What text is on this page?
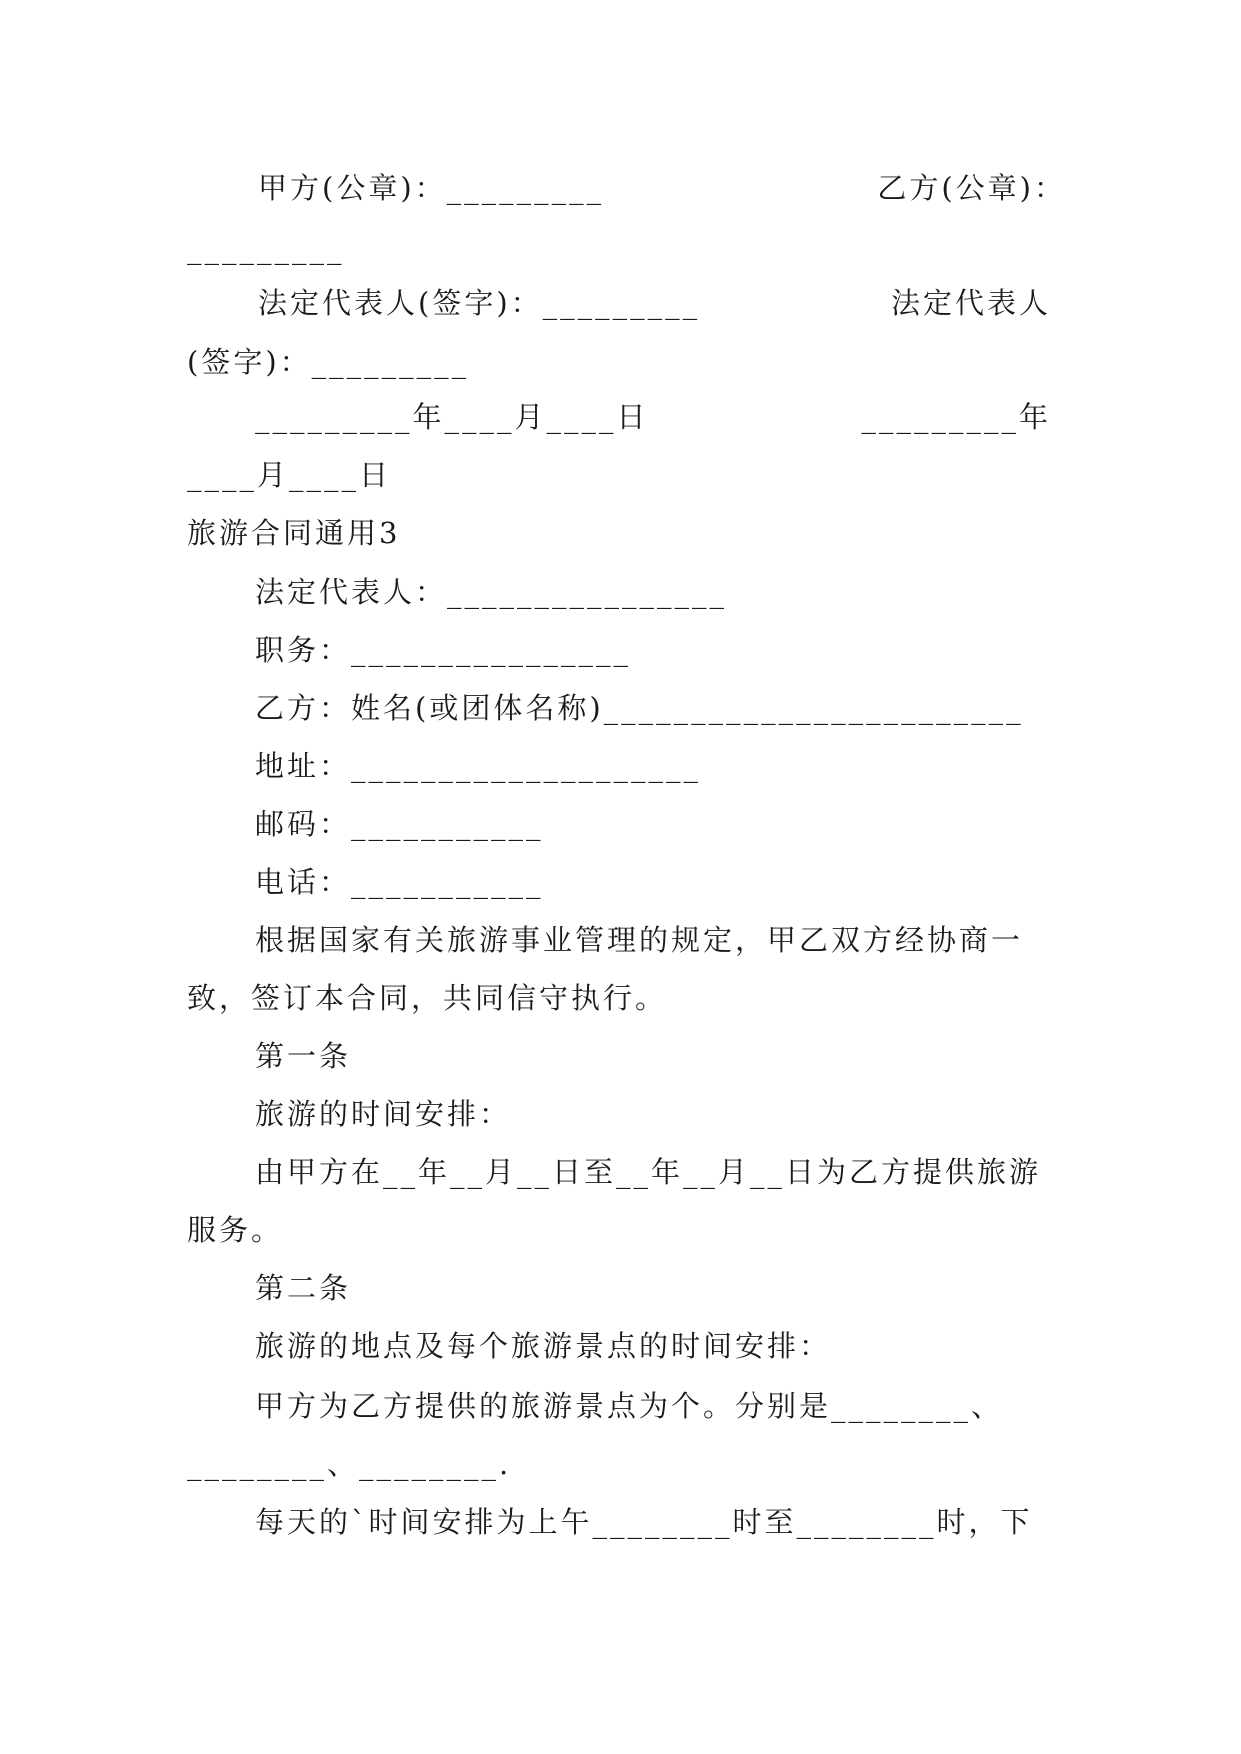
甲方(公章)：_________	乙方(公章)：
_________
法定代表人(签字)：_________	法定代表人
(签字)：_________
_________年____月____日	_________年
____月____日
旅游合同通用3
法定代表人：________________
职务：________________
乙方：姓名(或团体名称)________________________
地址：____________________
邮码：___________
电话：___________
根据国家有关旅游事业管理的规定，甲乙双方经协商一
致，签订本合同，共同信守执行。
第一条
旅游的时间安排：
由甲方在__年__月__日至__年__月__日为乙方提供旅游
服务。
第二条
旅游的地点及每个旅游景点的时间安排：
甲方为乙方提供的旅游景点为个。分别是________、
________、________.
每天的`时间安排为上午________时至________时，下
